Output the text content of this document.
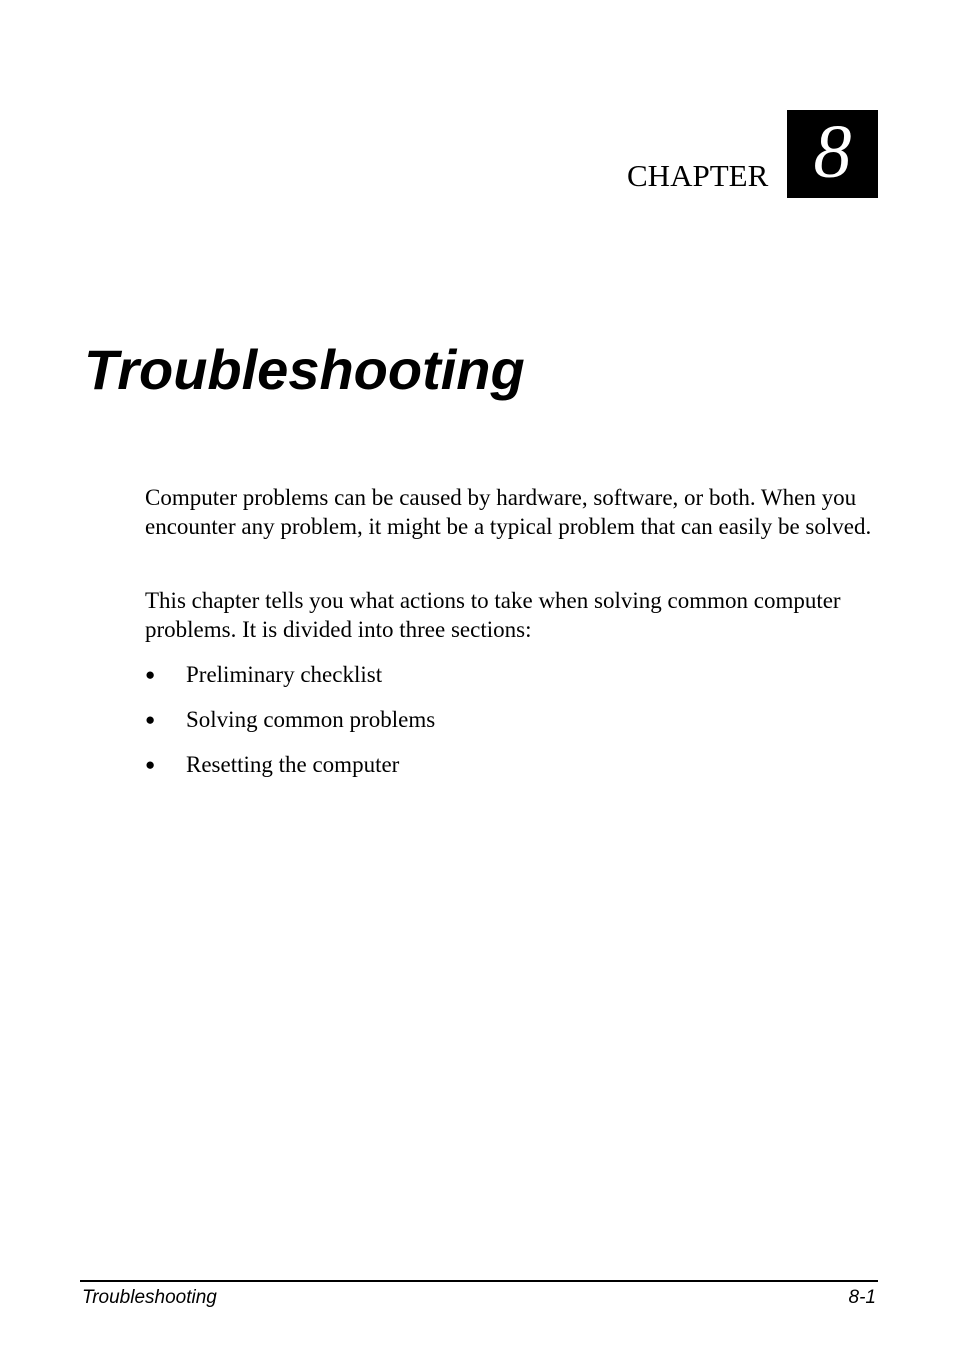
CHAPTER 8
Troubleshooting

Computer problems can be caused by hardware, software, or both. When you encounter any problem, it might be a typical problem that can easily be solved.

This chapter tells you what actions to take when solving common computer problems. It is divided into three sections:

● Preliminary checklist
● Solving common problems
● Resetting the computer
Troubleshooting	8-1
